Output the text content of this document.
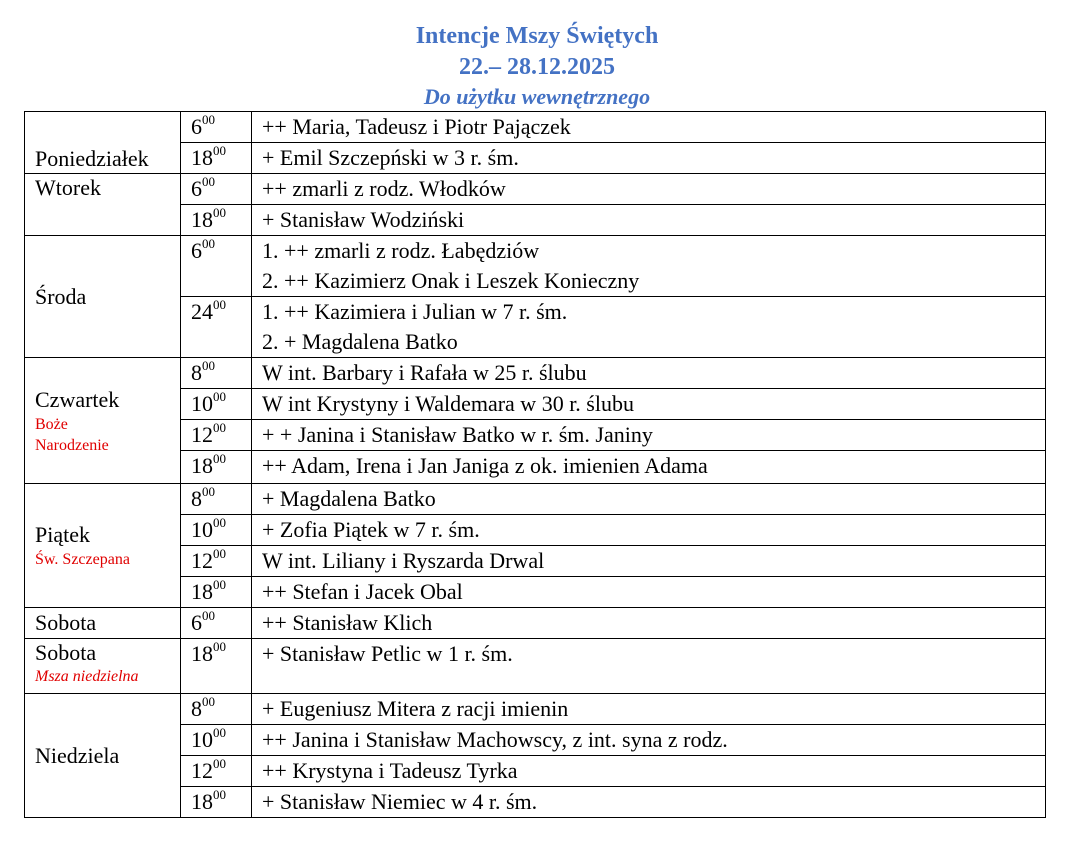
Intencje Mszy Świętych
22.– 28.12.2025
Do użytku wewnętrznego
Poniedziałek	$6^{00}$	++ Maria, Tadeusz i Piotr Pajączek

	$18^{00}$	+ Emil Szczepński w 3 r. śm.

Wtorek	$6^{00}$	++ zmarli z rodz. Włodków

	$18^{00}$	+ Stanisław Wodziński

Środa	$6^{00}$	1. ++ zmarli z rodz. Łabędziów
2. ++ Kazimierz Onak i Leszek Konieczny

	$24^{00}$	1. ++ Kazimiera i Julian w 7 r. śm.
2. + Magdalena Batko

Czwartek
Boże Narodzenie	$8^{00}$	W int. Barbary i Rafała w 25 r. ślubu

	$10^{00}$	W int Krystyny i Waldemara w 30 r. ślubu

	$12^{00}$	+ + Janina i Stanisław Batko w r. śm. Janiny

	$18^{00}$	++ Adam, Irena i Jan Janiga z ok. imienien Adama

Piątek
Św. Szczepana	$8^{00}$	+ Magdalena Batko

	$10^{00}$	+ Zofia Piątek w 7 r. śm.

	$12^{00}$	W int. Liliany i Ryszarda Drwal

	$18^{00}$	++ Stefan i Jacek Obal

Sobota	$6^{00}$	++ Stanisław Klich

Sobota
Msza niedzielna	$18^{00}$	+ Stanisław Petlic w 1 r. śm.

Niedziela	$8^{00}$	+ Eugeniusz Mitera z racji imienin

	$10^{00}$	++ Janina i Stanisław Machowscy, z int. syna z rodz.

	$12^{00}$	++ Krystyna i Tadeusz Tyrka

	$18^{00}$	+ Stanisław Niemiec w 4 r. śm.
